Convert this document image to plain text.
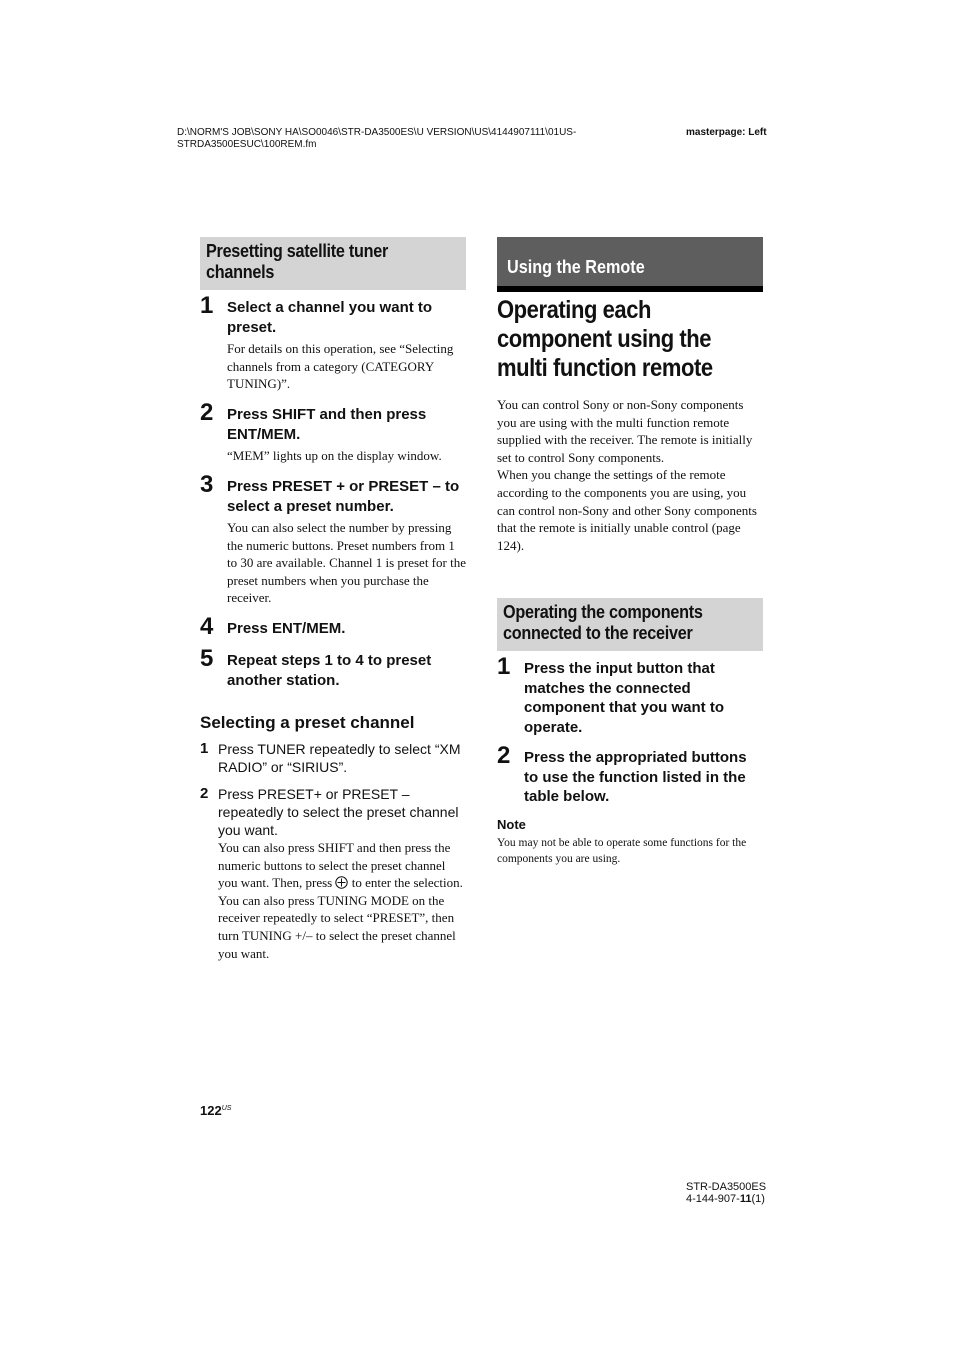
D:\NORM'S JOB\SONY HA\SO0046\STR-DA3500ES\U VERSION\US\4144907111\01US-
STRDA3500ESUC\100REM.fm
masterpage: Left
Presetting satellite tuner channels
1 Select a channel you want to preset.
For details on this operation, see “Selecting channels from a category (CATEGORY TUNING)”.
2 Press SHIFT and then press ENT/MEM.
“MEM” lights up on the display window.
3 Press PRESET + or PRESET – to select a preset number.
You can also select the number by pressing the numeric buttons. Preset numbers from 1 to 30 are available. Channel 1 is preset for the preset numbers when you purchase the receiver.
4 Press ENT/MEM.
5 Repeat steps 1 to 4 to preset another station.
Selecting a preset channel
1 Press TUNER repeatedly to select “XM RADIO” or “SIRIUS”.
2 Press PRESET+ or PRESET – repeatedly to select the preset channel you want.
You can also press SHIFT and then press the numeric buttons to select the preset channel you want. Then, press to enter the selection.
You can also press TUNING MODE on the receiver repeatedly to select “PRESET”, then turn TUNING +/– to select the preset channel you want.
Using the Remote
Operating each component using the multi function remote
You can control Sony or non-Sony components you are using with the multi function remote supplied with the receiver. The remote is initially set to control Sony components.
When you change the settings of the remote according to the components you are using, you can control non-Sony and other Sony components that the remote is initially unable control (page 124).
Operating the components connected to the receiver
1 Press the input button that matches the connected component that you want to operate.
2 Press the appropriated buttons to use the function listed in the table below.
Note
You may not be able to operate some functions for the components you are using.
$122^{US}$
STR-DA3500ES
4-144-907-11(1)
